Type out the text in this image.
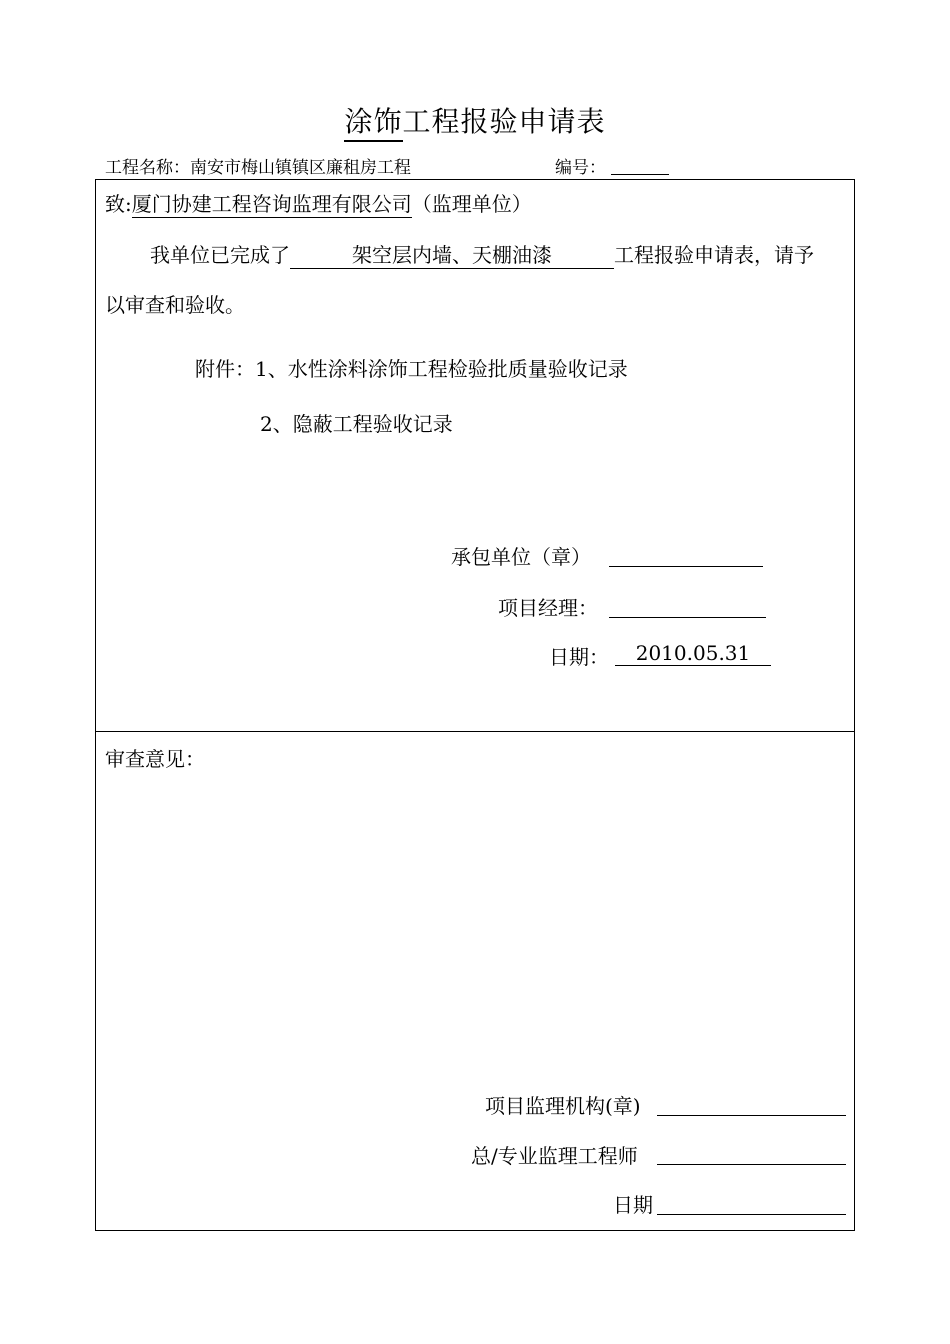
涂饰工程报验申请表
工程名称：南安市梅山镇镇区廉租房工程	编号：
致:厦门协建工程咨询监理有限公司（监理单位）
我单位已完成了	架空层内墙、天棚油漆	工程报验申请表，请予
以审查和验收。
附件：1、水性涂料涂饰工程检验批质量验收记录
2、隐蔽工程验收记录
承包单位（章）
项目经理：
日期：	2010.05.31
审查意见：
项目监理机构(章)
总/专业监理工程师
日期
